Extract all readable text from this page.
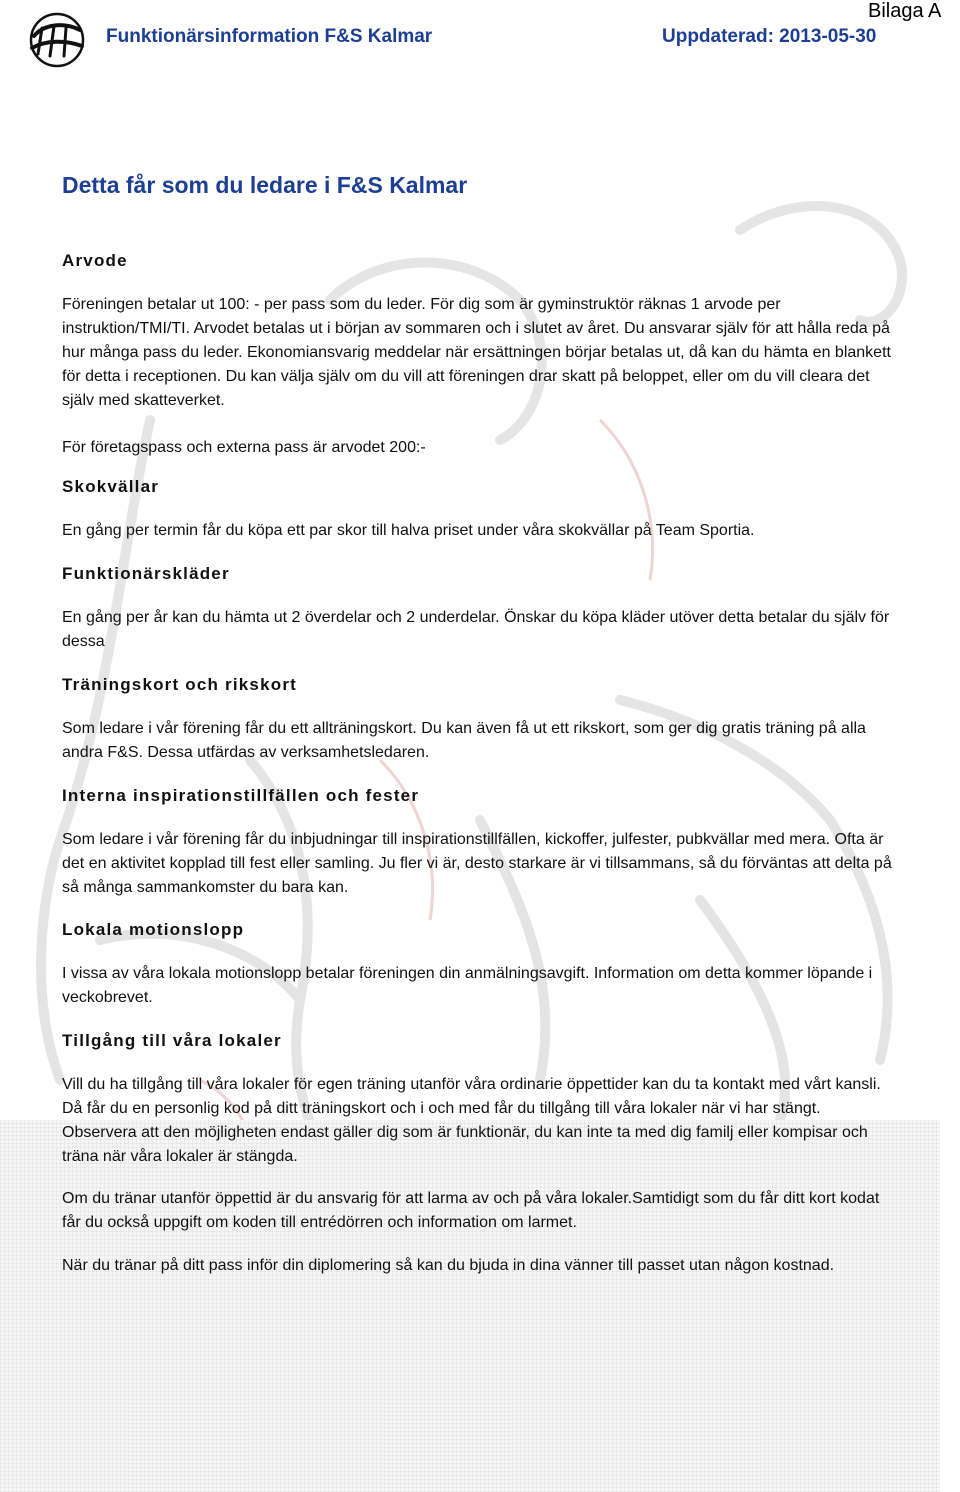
Funktionärsinformation F&S Kalmar	Uppdaterad: 2013-05-30
Bilaga A
Detta får som du ledare i F&S Kalmar
Arvode
Föreningen betalar ut 100: - per pass som du leder. För dig som är gyminstruktör räknas 1 arvode per instruktion/TMI/TI. Arvodet betalas ut i början av sommaren och i slutet av året. Du ansvarar själv för att hålla reda på hur många pass du leder. Ekonomiansvarig meddelar när ersättningen börjar betalas ut, då kan du hämta en blankett för detta i receptionen. Du kan välja själv om du vill att föreningen drar skatt på beloppet, eller om du vill cleara det själv med skatteverket.
För företagspass och externa pass är arvodet 200:-
Skokvällar
En gång per termin får du köpa ett par skor till halva priset under våra skokvällar på Team Sportia.
Funktionärskläder
En gång per år kan du hämta ut 2 överdelar och 2 underdelar. Önskar du köpa kläder utöver detta betalar du själv för dessa
Träningskort och rikskort
Som ledare i vår förening får du ett allträningskort. Du kan även få ut ett rikskort, som ger dig gratis träning på alla andra F&S. Dessa utfärdas av verksamhetsledaren.
Interna inspirationstillfällen och fester
Som ledare i vår förening får du inbjudningar till inspirationstillfällen, kickoffer, julfester, pubkvällar med mera. Ofta är det en aktivitet kopplad till fest eller samling. Ju fler vi är, desto starkare är vi tillsammans, så du förväntas att delta på så många sammankomster du bara kan.
Lokala motionslopp
I vissa av våra lokala motionslopp betalar föreningen din anmälningsavgift. Information om detta kommer löpande i veckobrevet.
Tillgång till våra lokaler
Vill du ha tillgång till våra lokaler för egen träning utanför våra ordinarie öppettider kan du ta kontakt med vårt kansli. Då får du en personlig kod på ditt träningskort och i och med får du tillgång till våra lokaler när vi har stängt. Observera att den möjligheten endast gäller dig som är funktionär, du kan inte ta med dig familj eller kompisar och träna när våra lokaler är stängda.
Om du tränar utanför öppettid är du ansvarig för att larma av och på våra lokaler.Samtidigt som du får ditt kort kodat får du också uppgift om koden till entrédörren och information om larmet.
När du tränar på ditt pass inför din diplomering så kan du bjuda in dina vänner till passet utan någon kostnad.
